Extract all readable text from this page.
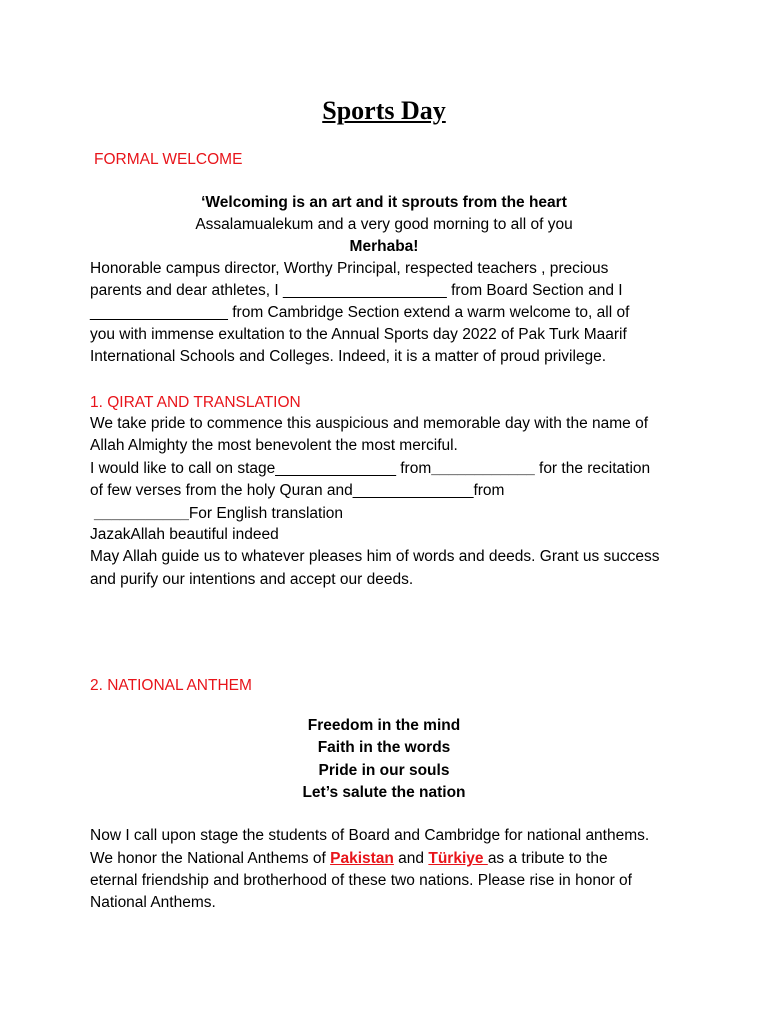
Sports Day
FORMAL WELCOME
‘Welcoming is an art and it sprouts from the heart
Assalamualekum and a very good morning to all of you
Merhaba!
Honorable campus director, Worthy Principal, respected teachers , precious
parents and dear athletes, I ___________________ from Board Section and I
________________ from Cambridge Section extend a warm welcome to, all of
you with immense exultation to the Annual Sports day 2022 of Pak Turk Maarif
International Schools and Colleges. Indeed, it is a matter of proud privilege.
1. QIRAT AND TRANSLATION
We take pride to commence this auspicious and memorable day with the name of
Allah Almighty the most benevolent the most merciful.
I would like to call on stage______________ from____________ for the recitation
of few verses from the holy Quran and______________from
___________For English translation
JazakAllah beautiful indeed
May Allah guide us to whatever pleases him of words and deeds. Grant us success
and purify our intentions and accept our deeds.
2. NATIONAL ANTHEM
Freedom in the mind
Faith in the words
Pride in our souls
Let’s salute the nation
Now I call upon stage the students of Board and Cambridge for national anthems.
We honor the National Anthems of Pakistan and Türkiye as a tribute to the
eternal friendship and brotherhood of these two nations. Please rise in honor of
National Anthems.
